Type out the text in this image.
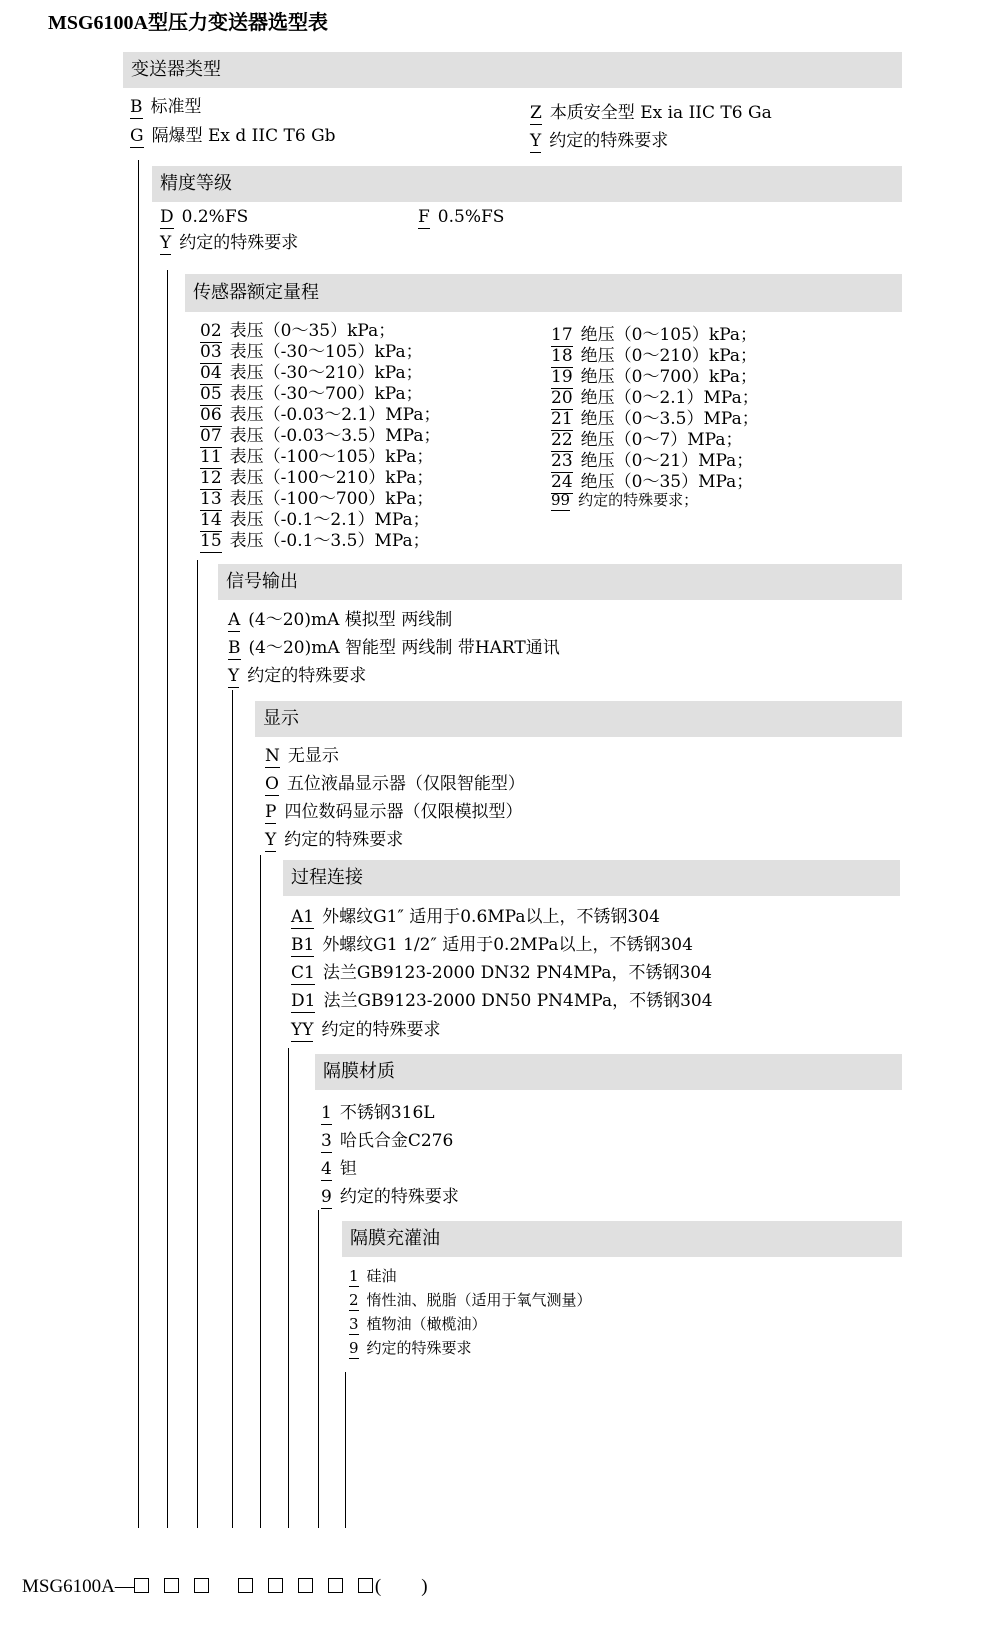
MSG6100A型压力变送器选型表
变送器类型
B 标准型
G 隔爆型 Ex d IIC T6 Gb
Z 本质安全型 Ex ia IIC T6 Ga
Y 约定的特殊要求
精度等级
D 0.2%FS
Y 约定的特殊要求
F 0.5%FS
传感器额定量程
02 表压（0～35）kPa；
03 表压（-30～105）kPa；
04 表压（-30～210）kPa；
05 表压（-30～700）kPa；
06 表压（-0.03～2.1）MPa；
07 表压（-0.03～3.5）MPa；
11 表压（-100～105）kPa；
12 表压（-100～210）kPa；
13 表压（-100～700）kPa；
14 表压（-0.1～2.1）MPa；
15 表压（-0.1～3.5）MPa；
17 绝压（0～105）kPa；
18 绝压（0～210）kPa；
19 绝压（0～700）kPa；
20 绝压（0～2.1）MPa；
21 绝压（0～3.5）MPa；
22 绝压（0～7）MPa；
23 绝压（0～21）MPa；
24 绝压（0～35）MPa；
99 约定的特殊要求；
信号输出
A (4～20)mA 模拟型 两线制
B (4～20)mA 智能型 两线制 带HART通讯
Y 约定的特殊要求
显示
N 无显示
O 五位液晶显示器（仅限智能型）
P 四位数码显示器（仅限模拟型）
Y 约定的特殊要求
过程连接
A1 外螺纹G1″ 适用于0.6MPa以上，不锈钢304
B1 外螺纹G1 1/2″ 适用于0.2MPa以上，不锈钢304
C1 法兰GB9123-2000 DN32 PN4MPa，不锈钢304
D1 法兰GB9123-2000 DN50 PN4MPa，不锈钢304
YY 约定的特殊要求
隔膜材质
1 不锈钢316L
3 哈氏合金C276
4 钽
9 约定的特殊要求
隔膜充灌油
1 硅油
2 惰性油、脱脂（适用于氧气测量）
3 植物油（橄榄油）
9 约定的特殊要求
MSG6100A—	( )
